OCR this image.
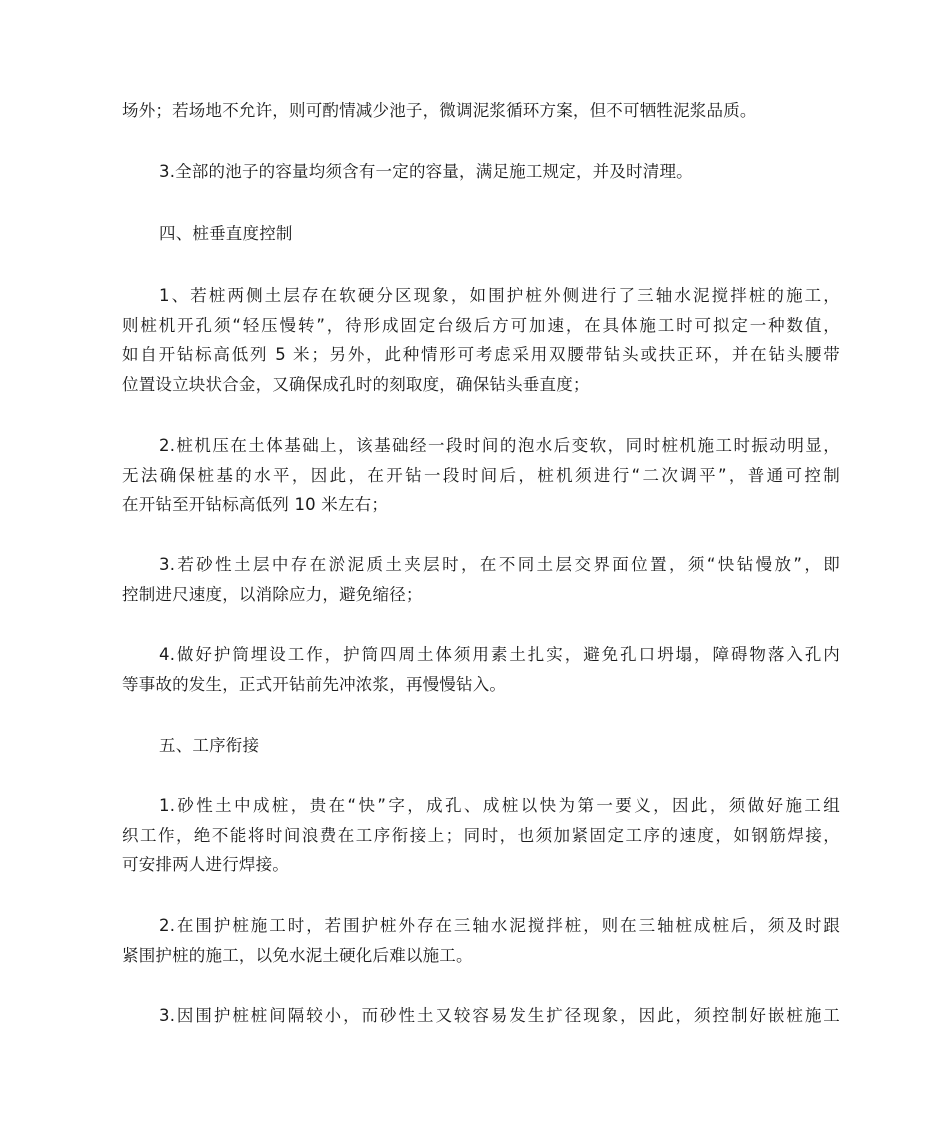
场外；若场地不允许，则可酌情减少池子，微调泥浆循环方案，但不可牺牲泥浆品质。
3.全部的池子的容量均须含有一定的容量，满足施工规定，并及时清理。
四、桩垂直度控制
1、若桩两侧土层存在软硬分区现象，如围护桩外侧进行了三轴水泥搅拌桩的施工，
则桩机开孔须“轻压慢转”，待形成固定台级后方可加速，在具体施工时可拟定一种数值，
如自开钻标高低列 5 米；另外，此种情形可考虑采用双腰带钻头或扶正环，并在钻头腰带
位置设立块状合金，又确保成孔时的刻取度，确保钻头垂直度；
2.桩机压在土体基础上，该基础经一段时间的泡水后变软，同时桩机施工时振动明显，
无法确保桩基的水平，因此，在开钻一段时间后，桩机须进行“二次调平”，普通可控制
在开钻至开钻标高低列 10 米左右；
3.若砂性土层中存在淤泥质土夹层时，在不同土层交界面位置，须“快钻慢放”，即
控制进尺速度，以消除应力，避免缩径；
4.做好护筒埋设工作，护筒四周土体须用素土扎实，避免孔口坍塌，障碍物落入孔内
等事故的发生，正式开钻前先冲浓浆，再慢慢钻入。
五、工序衔接
1.砂性土中成桩，贵在“快”字，成孔、成桩以快为第一要义，因此，须做好施工组
织工作，绝不能将时间浪费在工序衔接上；同时，也须加紧固定工序的速度，如钢筋焊接，
可安排两人进行焊接。
2.在围护桩施工时，若围护桩外存在三轴水泥搅拌桩，则在三轴桩成桩后，须及时跟
紧围护桩的施工，以免水泥土硬化后难以施工。
3.因围护桩桩间隔较小，而砂性土又较容易发生扩径现象，因此，须控制好嵌桩施工
